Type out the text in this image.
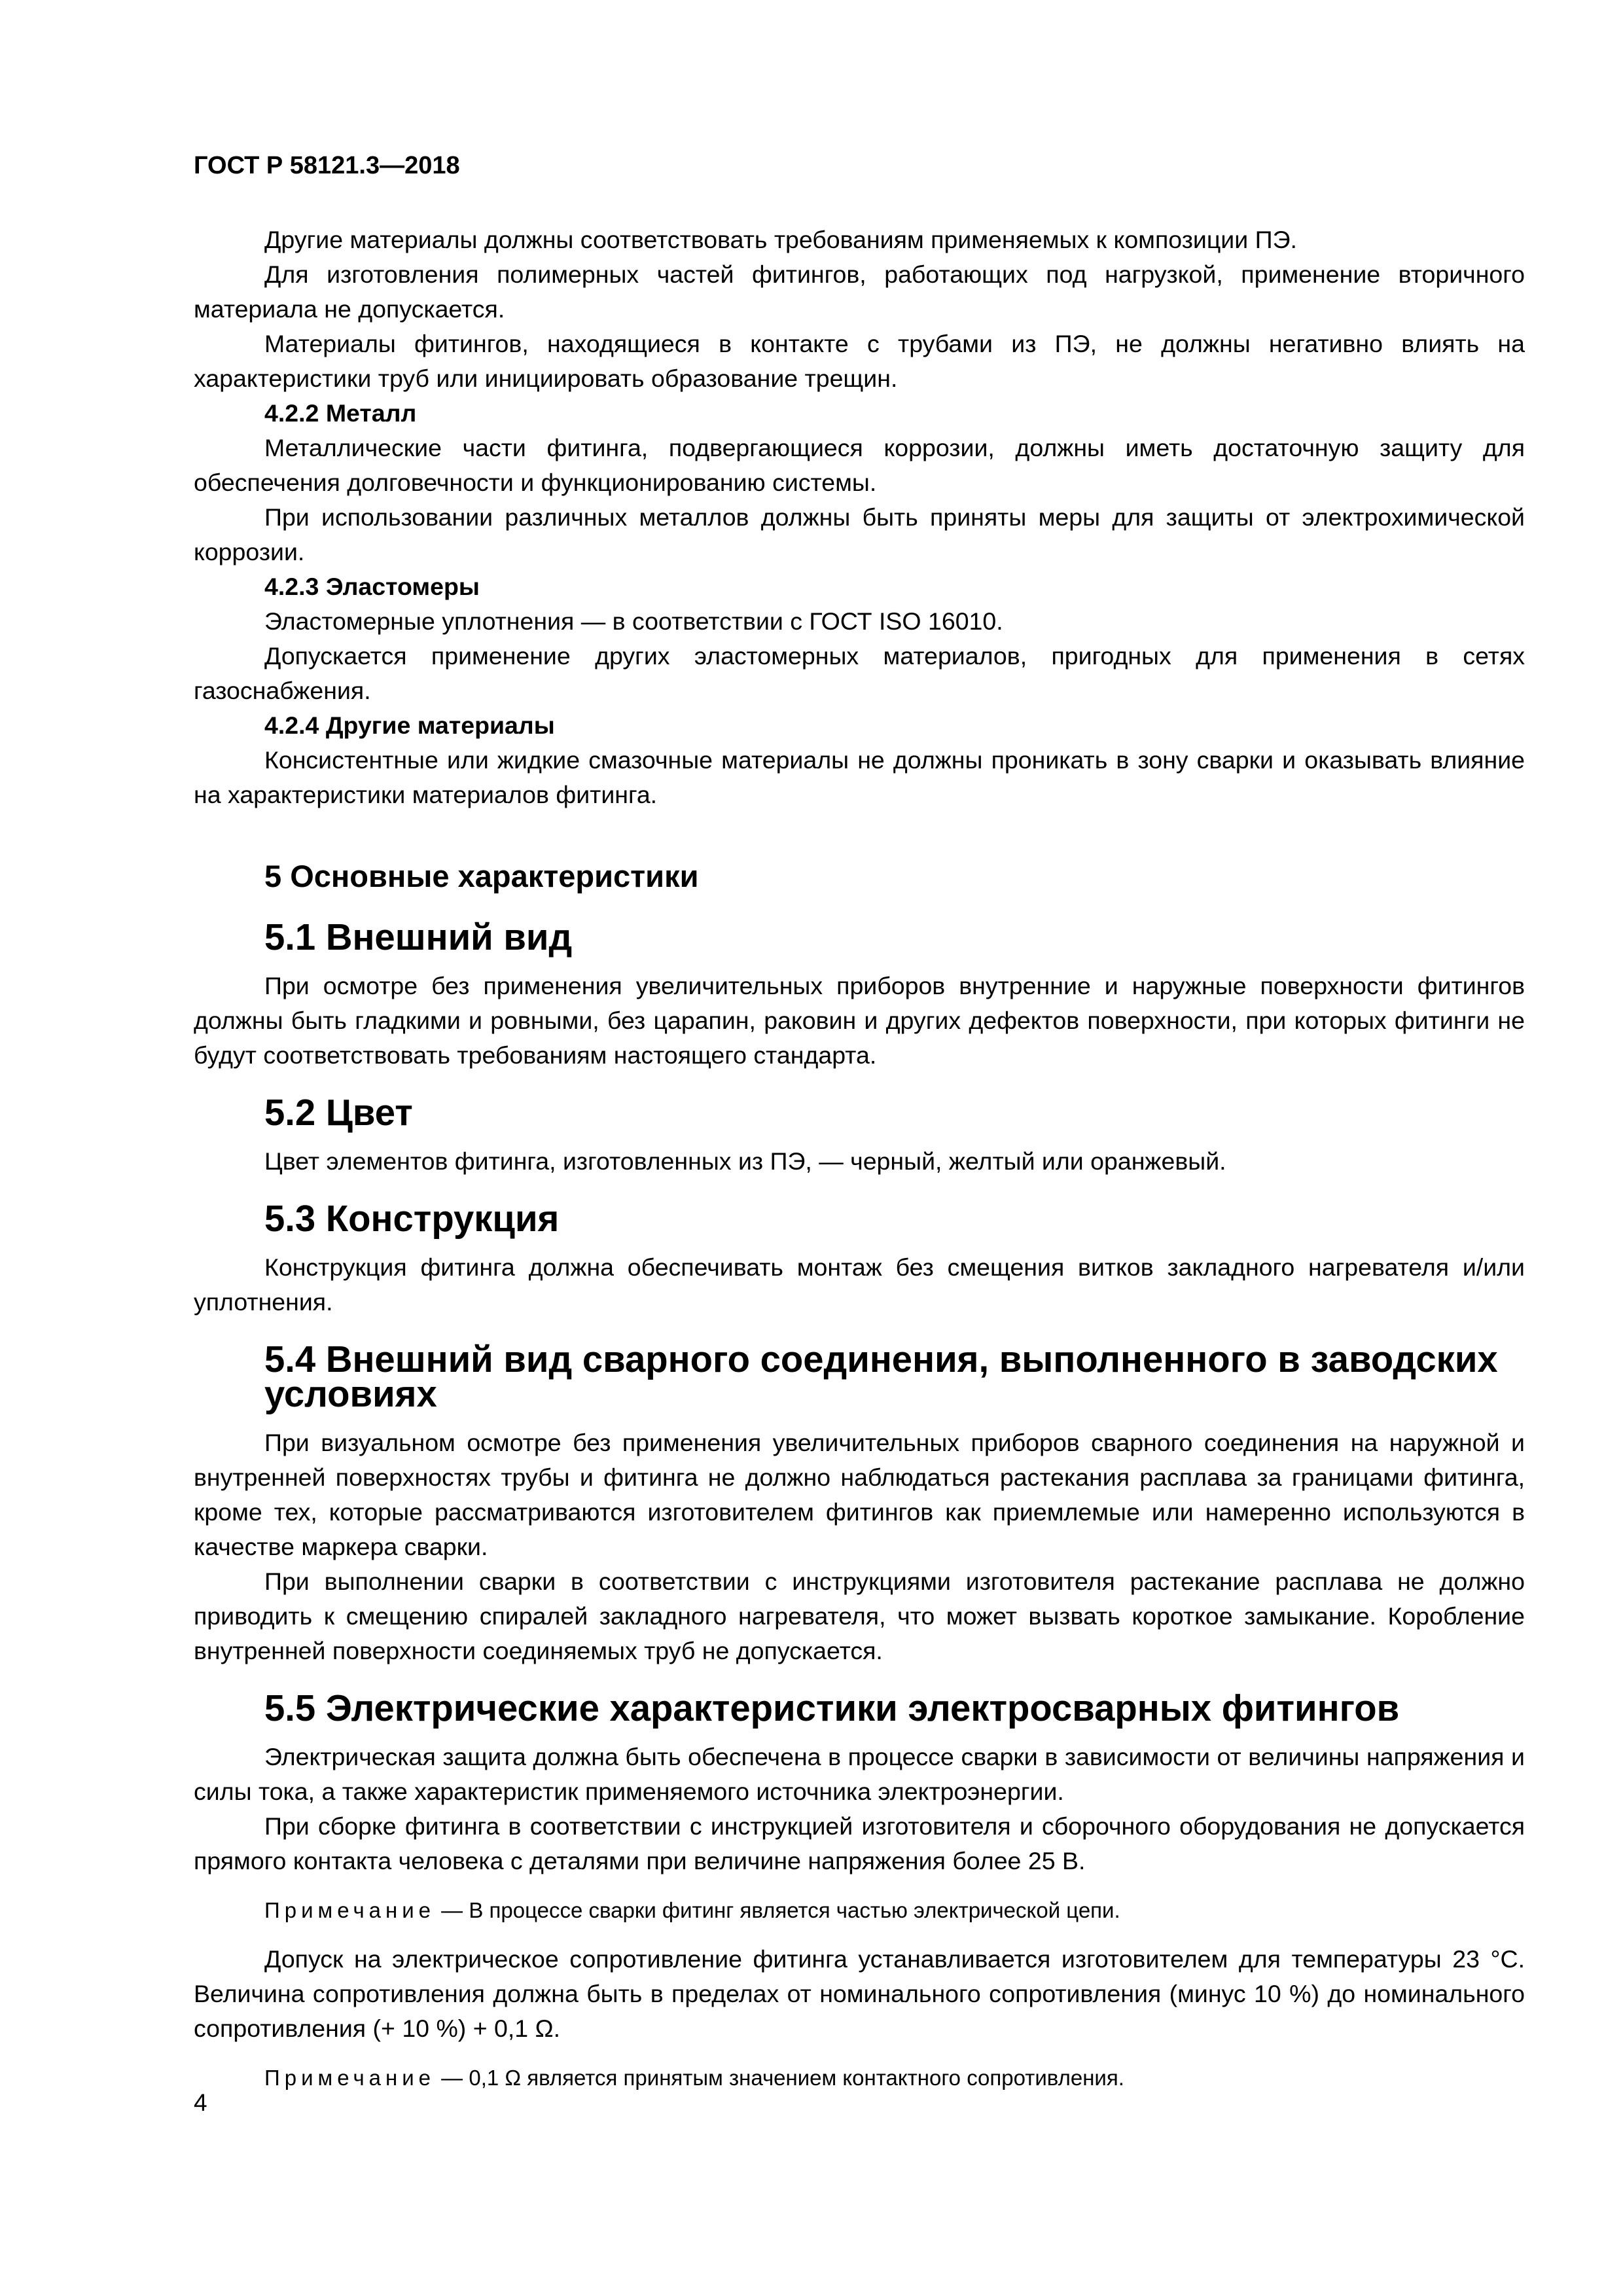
ГОСТ Р 58121.3—2018

Другие материалы должны соответствовать требованиям применяемых к композиции ПЭ.

Для изготовления полимерных частей фитингов, работающих под нагрузкой, применение вторичного материала не допускается.

Материалы фитингов, находящиеся в контакте с трубами из ПЭ, не должны негативно влиять на характеристики труб или инициировать образование трещин.

4.2.2 Металл

Металлические части фитинга, подвергающиеся коррозии, должны иметь достаточную защиту для обеспечения долговечности и функционированию системы.

При использовании различных металлов должны быть приняты меры для защиты от электрохимической коррозии.

4.2.3 Эластомеры

Эластомерные уплотнения — в соответствии с ГОСТ ISO 16010.

Допускается применение других эластомерных материалов, пригодных для применения в сетях газоснабжения.

4.2.4 Другие материалы

Консистентные или жидкие смазочные материалы не должны проникать в зону сварки и оказывать влияние на характеристики материалов фитинга.

5 Основные характеристики
5.1 Внешний вид

При осмотре без применения увеличительных приборов внутренние и наружные поверхности фитингов должны быть гладкими и ровными, без царапин, раковин и других дефектов поверхности, при которых фитинги не будут соответствовать требованиям настоящего стандарта.

5.2 Цвет

Цвет элементов фитинга, изготовленных из ПЭ, — черный, желтый или оранжевый.

5.3 Конструкция

Конструкция фитинга должна обеспечивать монтаж без смещения витков закладного нагревателя и/или уплотнения.

5.4 Внешний вид сварного соединения, выполненного в заводских условиях

При визуальном осмотре без применения увеличительных приборов сварного соединения на наружной и внутренней поверхностях трубы и фитинга не должно наблюдаться растекания расплава за границами фитинга, кроме тех, которые рассматриваются изготовителем фитингов как приемлемые или намеренно используются в качестве маркера сварки.

При выполнении сварки в соответствии с инструкциями изготовителя растекание расплава не должно приводить к смещению спиралей закладного нагревателя, что может вызвать короткое замыкание. Коробление внутренней поверхности соединяемых труб не допускается.

5.5 Электрические характеристики электросварных фитингов

Электрическая защита должна быть обеспечена в процессе сварки в зависимости от величины напряжения и силы тока, а также характеристик применяемого источника электроэнергии.

При сборке фитинга в соответствии с инструкцией изготовителя и сборочного оборудования не допускается прямого контакта человека с деталями при величине напряжения более 25 В.

Примечание — В процессе сварки фитинг является частью электрической цепи.

Допуск на электрическое сопротивление фитинга устанавливается изготовителем для температуры 23 °С. Величина сопротивления должна быть в пределах от номинального сопротивления (минус 10 %) до номинального сопротивления (+ 10 %) + 0,1 Ω.

Примечание — 0,1 Ω является принятым значением контактного сопротивления.

4
